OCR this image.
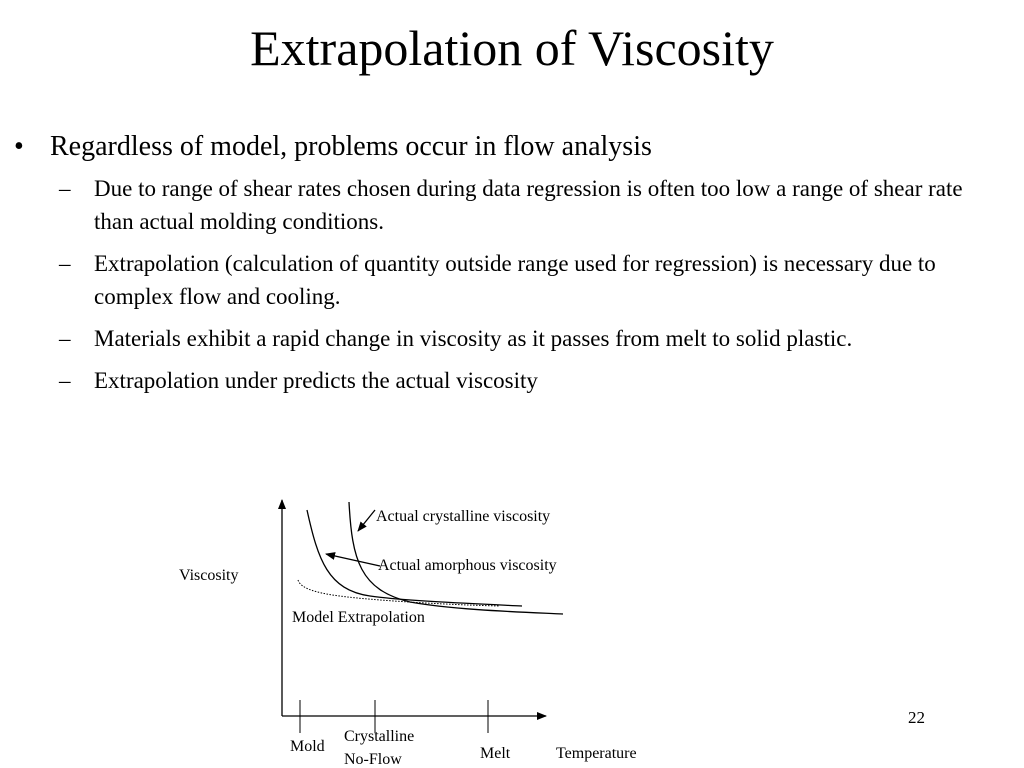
Extrapolation of Viscosity
• Regardless of model, problems occur in flow analysis
– Due to range of shear rates chosen during data regression is often too low a range of shear rate than actual molding conditions.
– Extrapolation (calculation of quantity outside range used for regression) is necessary due to complex flow and cooling.
– Materials exhibit a rapid change in viscosity as it passes from melt to solid plastic.
– Extrapolation under predicts the actual viscosity
Actual crystalline viscosity
Actual amorphous viscosity
Model Extrapolation
Viscosity
Temperature
Mold
Crystalline
No-Flow	Melt
22
